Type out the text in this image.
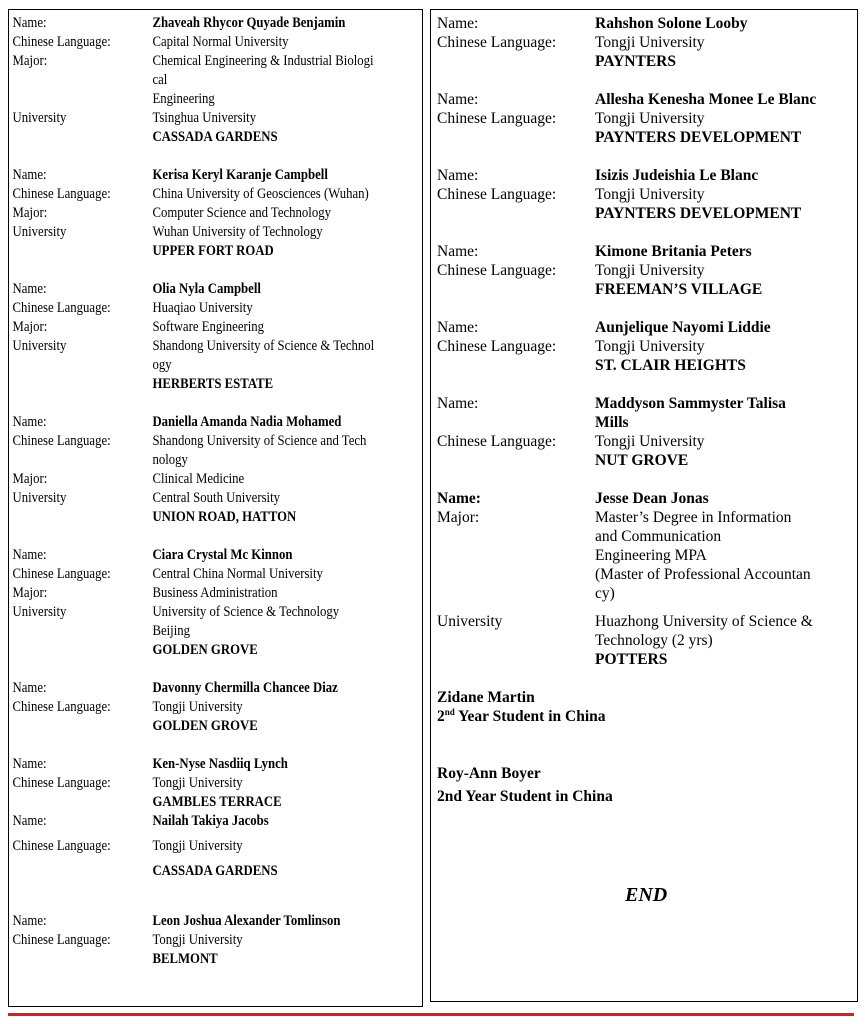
Name:	Zhaveah Rhycor Quyade Benjamin
Chinese Language:	Capital Normal University
Major:	Chemical Engineering & Industrial Biologi
cal
Engineering
University	Tsinghua University
CASSADA GARDENS
Name:	Kerisa Keryl Karanje Campbell
Chinese Language:	China University of Geosciences (Wuhan)
Major:	Computer Science and Technology
University	Wuhan University of Technology
UPPER FORT ROAD
Name:	Olia Nyla Campbell
Chinese Language:	Huaqiao University
Major:	Software Engineering
University	Shandong University of Science & Technol
ogy
HERBERTS ESTATE
Name:	Daniella Amanda Nadia Mohamed
Chinese Language:	Shandong University of Science and Tech
nology
Major:	Clinical Medicine
University	Central South University
UNION ROAD, HATTON
Name:	Ciara Crystal Mc Kinnon
Chinese Language:	Central China Normal University
Major:	Business Administration
University	University of Science & Technology
Beijing
GOLDEN GROVE
Name:	Davonny Chermilla Chancee Diaz
Chinese Language:	Tongji University
GOLDEN GROVE
Name:	Ken-Nyse Nasdiiq Lynch
Chinese Language:	Tongji University
GAMBLES TERRACE
Name:	Nailah Takiya Jacobs
Chinese Language:	Tongji University
CASSADA GARDENS
Name:	Leon Joshua Alexander Tomlinson
Chinese Language:	Tongji University
BELMONT
Name:	Rahshon Solone Looby
Chinese Language:	Tongji University
PAYNTERS
Name:	Allesha Kenesha Monee Le Blanc
Chinese Language:	Tongji University
PAYNTERS DEVELOPMENT
Name:	Isizis Judeishia Le Blanc
Chinese Language:	Tongji University
PAYNTERS DEVELOPMENT
Name:	Kimone Britania Peters
Chinese Language:	Tongji University
FREEMAN’S VILLAGE
Name:	Aunjelique Nayomi Liddie
Chinese Language:	Tongji University
ST. CLAIR HEIGHTS
Name:	Maddyson Sammyster Talisa
Mills
Chinese Language:	Tongji University
NUT GROVE
Name:	Jesse Dean Jonas
Major:	Master’s Degree in Information
and Communication
Engineering MPA
(Master of Professional Accountan
cy)
University	Huazhong University of Science &
Technology (2 yrs)
POTTERS
Zidane Martin
2nd Year Student in China
Roy-Ann Boyer
2nd Year Student in China
END
